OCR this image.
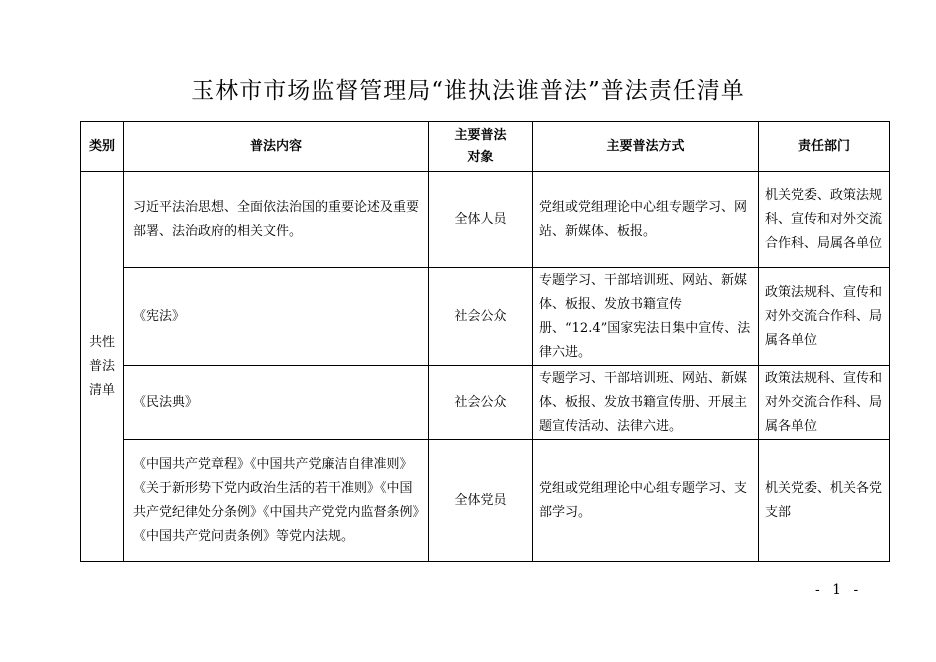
玉林市市场监督管理局“谁执法谁普法”普法责任清单
类别	普法内容	主要普法对象	主要普法方式	责任部门
共性普法清单	习近平法治思想、全面依法治国的重要论述及重要部署、法治政府的相关文件。	全体人员	党组或党组理论中心组专题学习、网站、新媒体、板报。	机关党委、政策法规科、宣传和对外交流合作科、局属各单位
	《宪法》	社会公众	专题学习、干部培训班、网站、新媒体、板报、发放书籍宣传册、“12.4”国家宪法日集中宣传、法律六进。	政策法规科、宣传和对外交流合作科、局属各单位
	《民法典》	社会公众	专题学习、干部培训班、网站、新媒体、板报、发放书籍宣传册、开展主题宣传活动、法律六进。	政策法规科、宣传和对外交流合作科、局属各单位
	《中国共产党章程》《中国共产党廉洁自律准则》《关于新形势下党内政治生活的若干准则》《中国共产党纪律处分条例》《中国共产党党内监督条例》《中国共产党问责条例》等党内法规。	全体党员	党组或党组理论中心组专题学习、支部学习。	机关党委、机关各党支部
- 1 -
